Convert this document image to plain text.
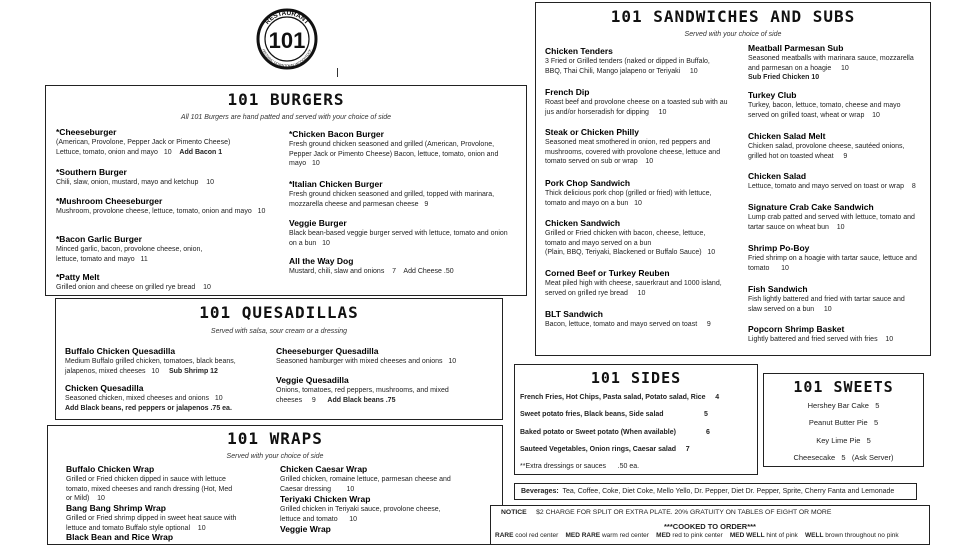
RESTAURANT
101
HISTORIC DOWNTOWN WOODSTOCK
101 BURGERS
All 101 Burgers are hand patted and served with your choice of side
*Cheeseburger
(American, Provolone, Pepper Jack or Pimento Cheese)
Lettuce, tomato, onion and mayo 10 Add Bacon 1
*Southern Burger
Chili, slaw, onion, mustard, mayo and ketchup 10
*Mushroom Cheeseburger
Mushroom, provolone cheese, lettuce, tomato, onion and mayo 10
*Bacon Garlic Burger
Minced garlic, bacon, provolone cheese, onion,
lettuce, tomato and mayo 11
*Patty Melt
Grilled onion and cheese on grilled rye bread 10
*Chicken Bacon Burger
Fresh ground chicken seasoned and grilled (American, Provolone,
Pepper Jack or Pimento Cheese) Bacon, lettuce, tomato, onion and
mayo 10
*Italian Chicken Burger
Fresh ground chicken seasoned and grilled, topped with marinara,
mozzarella cheese and parmesan cheese 9
Veggie Burger
Black bean-based veggie burger served with lettuce, tomato and onion
on a bun 10
All the Way Dog
Mustard, chili, slaw and onions 7 Add Cheese .50
101 QUESADILLAS
Served with salsa, sour cream or a dressing
Buffalo Chicken Quesadilla
Medium Buffalo grilled chicken, tomatoes, black beans,
jalapenos, mixed cheeses 10 Sub Shrimp 12
Chicken Quesadilla
Seasoned chicken, mixed cheeses and onions 10
Add Black beans, red peppers or jalapenos .75 ea.
Cheeseburger Quesadilla
Seasoned hamburger with mixed cheeses and onions 10
Veggie Quesadilla
Onions, tomatoes, red peppers, mushrooms, and mixed
cheeses 9 Add Black beans .75
101 WRAPS
Served with your choice of side
Buffalo Chicken Wrap
Grilled or Fried chicken dipped in sauce with lettuce
tomato, mixed cheeses and ranch dressing (Hot, Med
or Mild) 10
Bang Bang Shrimp Wrap
Grilled or Fried shrimp dipped in sweet heat sauce with
lettuce and tomato Buffalo style optional 10
Black Bean and Rice Wrap
Chicken Caesar Wrap
Grilled chicken, romaine lettuce, parmesan cheese and
Caesar dressing 10
Teriyaki Chicken Wrap
Grilled chicken in Teriyaki sauce, provolone cheese,
lettuce and tomato 10
Veggie Wrap
101 SANDWICHES AND SUBS
Served with your choice of side
Chicken Tenders
3 Fried or Grilled tenders (naked or dipped in Buffalo,
BBQ, Thai Chili, Mango jalapeno or Teriyaki 10
French Dip
Roast beef and provolone cheese on a toasted sub with au
jus and/or horseradish for dipping 10
Steak or Chicken Philly
Seasoned meat smothered in onion, red peppers and
mushrooms, covered with provolone cheese, lettuce and
tomato served on sub or wrap 10
Pork Chop Sandwich
Thick delicious pork chop (grilled or fried) with lettuce,
tomato and mayo on a bun 10
Chicken Sandwich
Grilled or Fried chicken with bacon, cheese, lettuce,
tomato and mayo served on a bun
(Plain, BBQ, Teriyaki, Blackened or Buffalo Sauce) 10
Corned Beef or Turkey Reuben
Meat piled high with cheese, sauerkraut and 1000 island,
served on grilled rye bread 10
BLT Sandwich
Bacon, lettuce, tomato and mayo served on toast 9
Meatball Parmesan Sub
Seasoned meatballs with marinara sauce, mozzarella
and parmesan on a hoagie 10
Sub Fried Chicken 10
Turkey Club
Turkey, bacon, lettuce, tomato, cheese and mayo
served on grilled toast, wheat or wrap 10
Chicken Salad Melt
Chicken salad, provolone cheese, sautéed onions,
grilled hot on toasted wheat 9
Chicken Salad
Lettuce, tomato and mayo served on toast or wrap 8
Signature Crab Cake Sandwich
Lump crab patted and served with lettuce, tomato and
tartar sauce on wheat bun 10
Shrimp Po-Boy
Fried shrimp on a hoagie with tartar sauce, lettuce and
tomato 10
Fish Sandwich
Fish lightly battered and fried with tartar sauce and
slaw served on a bun 10
Popcorn Shrimp Basket
Lightly battered and fried served with fries 10
101 SIDES
French Fries, Hot Chips, Pasta salad, Potato salad, Rice 4
Sweet potato fries, Black beans, Side salad	5
Baked potato or Sweet potato (When available)	6
Sauteed Vegetables, Onion rings, Caesar salad 7
**Extra dressings or sauces .50 ea.
101 SWEETS
Hershey Bar Cake 5
Peanut Butter Pie 5
Key Lime Pie 5
Cheesecake 5 (Ask Server)
Beverages: Tea, Coffee, Coke, Diet Coke, Mello Yello, Dr. Pepper, Diet Dr. Pepper, Sprite, Cherry Fanta and Lemonade
NOTICE $2 CHARGE FOR SPLIT OR EXTRA PLATE. 20% GRATUITY ON TABLES OF EIGHT OR MORE
***COOKED TO ORDER***
RARE cool red center MED RARE warm red center MED red to pink center MED WELL hint of pink WELL brown throughout no pink
